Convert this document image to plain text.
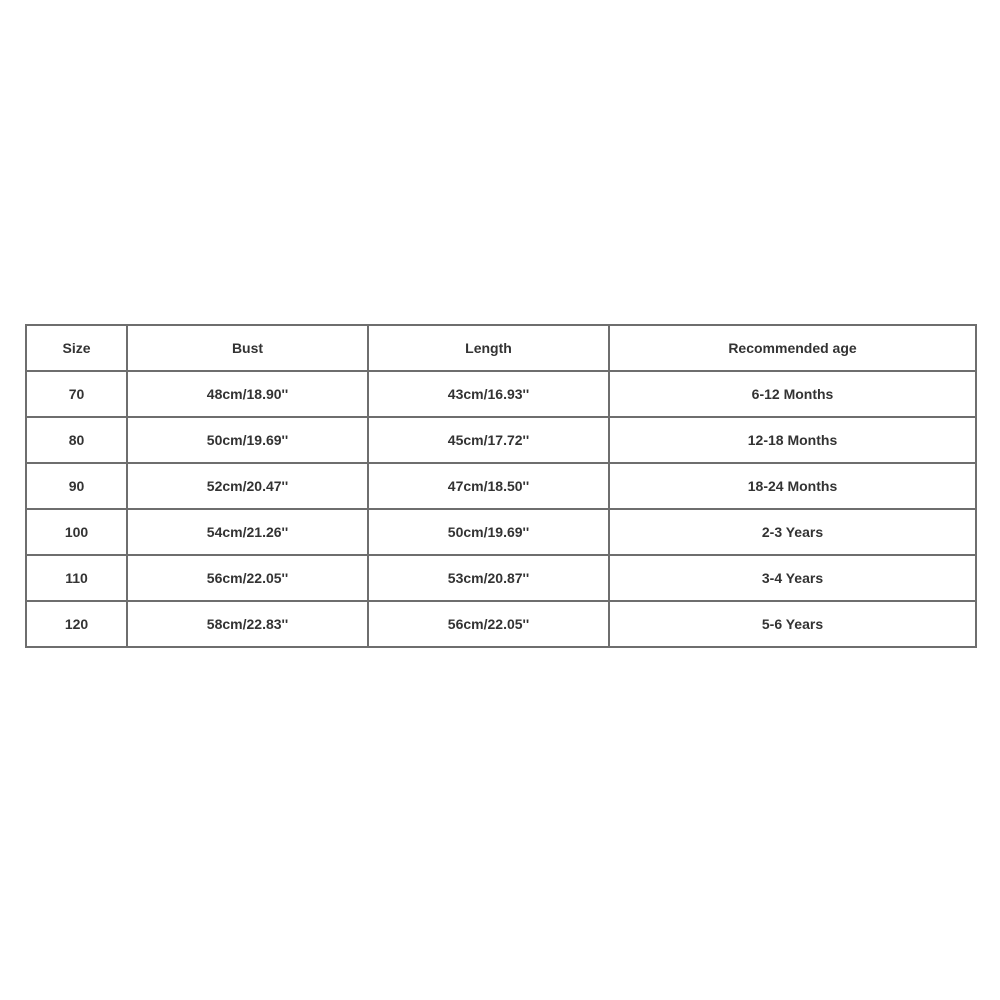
Size	Bust	Length	Recommended age
70	48cm/18.90''	43cm/16.93''	6-12 Months
80	50cm/19.69''	45cm/17.72''	12-18 Months
90	52cm/20.47''	47cm/18.50''	18-24 Months
100	54cm/21.26''	50cm/19.69''	2-3 Years
110	56cm/22.05''	53cm/20.87''	3-4 Years
120	58cm/22.83''	56cm/22.05''	5-6 Years
